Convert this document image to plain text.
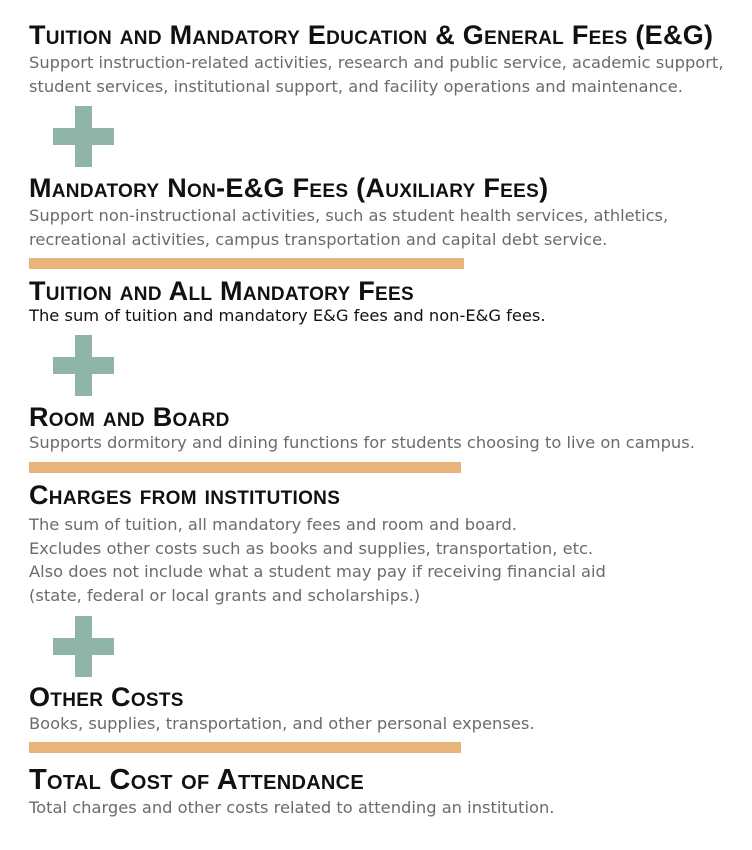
Tuition and Mandatory Education & General Fees (E&G)

Support instruction-related activities, research and public service, academic support,
student services, institutional support, and facility operations and maintenance.

Mandatory Non-E&G Fees (Auxiliary Fees)

Support non-instructional activities, such as student health services, athletics,
recreational activities, campus transportation and capital debt service.

Tuition and All Mandatory Fees

The sum of tuition and mandatory E&G fees and non-E&G fees.

Room and Board

Supports dormitory and dining functions for students choosing to live on campus.

Charges from institutions

The sum of tuition, all mandatory fees and room and board.
Excludes other costs such as books and supplies, transportation, etc.
Also does not include what a student may pay if receiving financial aid
(state, federal or local grants and scholarships.)

Other Costs

Books, supplies, transportation, and other personal expenses.

Total Cost of Attendance

Total charges and other costs related to attending an institution.
